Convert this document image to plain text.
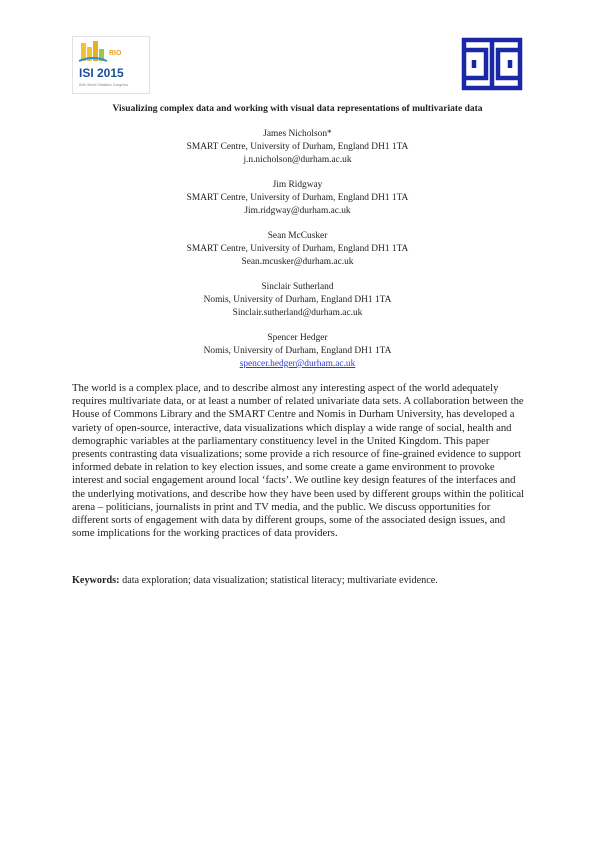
RIO
ISI 2015
60th World Statistics Congress
Visualizing complex data and working with visual data representations of multivariate data
James Nicholson*
SMART Centre, University of Durham, England DH1 1TA
j.n.nicholson@durham.ac.uk
Jim Ridgway
SMART Centre, University of Durham, England DH1 1TA
Jim.ridgway@durham.ac.uk
Sean McCusker
SMART Centre, University of Durham, England DH1 1TA
Sean.mcusker@durham.ac.uk
Sinclair Sutherland
Nomis, University of Durham, England DH1 1TA
Sinclair.sutherland@durham.ac.uk
Spencer Hedger
Nomis, University of Durham, England DH1 1TA
spencer.hedger@durham.ac.uk

The world is a complex place, and to describe almost any interesting aspect of the world adequately requires multivariate data, or at least a number of related univariate data sets. A collaboration between the House of Commons Library and the SMART Centre and Nomis in Durham University, has developed a variety of open-source, interactive, data visualizations which display a wide range of social, health and demographic variables at the parliamentary constituency level in the United Kingdom. This paper presents contrasting data visualizations; some provide a rich resource of fine-grained evidence to support informed debate in relation to key election issues, and some create a game environment to provoke interest and social engagement around local ‘facts’. We outline key design features of the interfaces and the underlying motivations, and describe how they have been used by different groups within the political arena – politicians, journalists in print and TV media, and the public. We discuss opportunities for different sorts of engagement with data by different groups, some of the associated design issues, and some implications for the working practices of data providers.

Keywords: data exploration; data visualization; statistical literacy; multivariate evidence.
